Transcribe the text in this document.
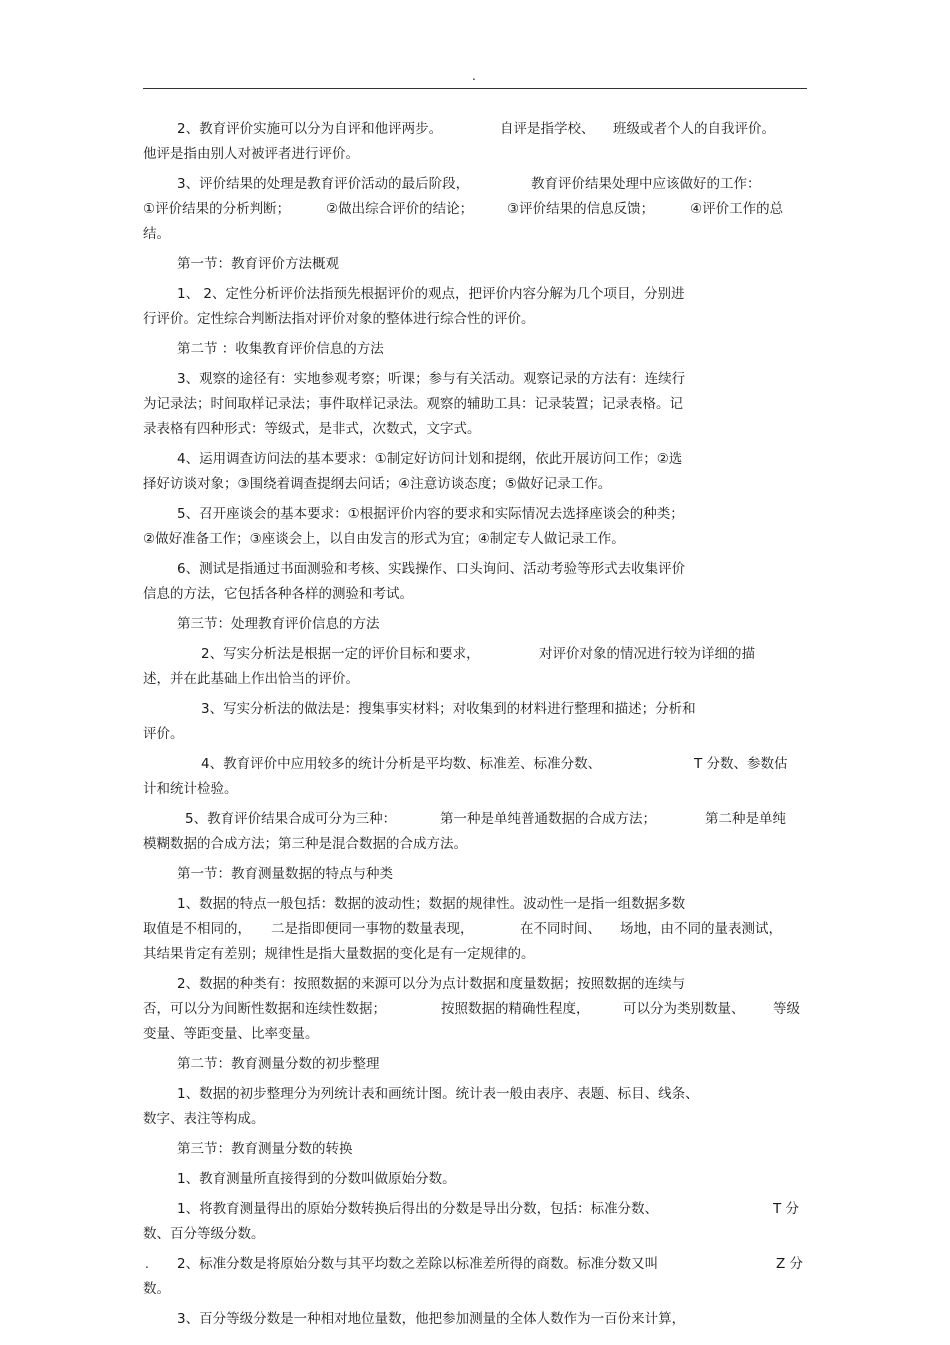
.
2、教育评价实施可以分为自评和他评两步。	自评是指学校、 班级或者个人的自我评价。
他评是指由别人对被评者进行评价。
3、评价结果的处理是教育评价活动的最后阶段，	教育评价结果处理中应该做好的工作：
①评价结果的分析判断；	②做出综合评价的结论；	③评价结果的信息反馈；	④评价工作的总
结。
第一节：教育评价方法概观
1、 2、定性分析评价法指预先根据评价的观点，把评价内容分解为几个项目，分别进
行评价。定性综合判断法指对评价对象的整体进行综合性的评价。
第二节 ：收集教育评价信息的方法
3、观察的途径有：实地参观考察；听课；参与有关活动。观察记录的方法有：连续行
为记录法；时间取样记录法；事件取样记录法。观察的辅助工具：记录装置；记录表格。记
录表格有四种形式：等级式，是非式，次数式，文字式。
4、运用调查访问法的基本要求：①制定好访问计划和提纲，依此开展访问工作；②选
择好访谈对象；③围绕着调查提纲去问话；④注意访谈态度；⑤做好记录工作。
5、召开座谈会的基本要求：①根据评价内容的要求和实际情况去选择座谈会的种类；
②做好准备工作；③座谈会上，以自由发言的形式为宜；④制定专人做记录工作。
6、测试是指通过书面测验和考核、实践操作、口头询问、活动考验等形式去收集评价
信息的方法，它包括各种各样的测验和考试。
第三节：处理教育评价信息的方法
2、写实分析法是根据一定的评价目标和要求，	对评价对象的情况进行较为详细的描
述，并在此基础上作出恰当的评价。
3、写实分析法的做法是：搜集事实材料；对收集到的材料进行整理和描述；分析和
评价。
4、教育评价中应用较多的统计分析是平均数、标准差、标准分数、	T 分数、参数估
计和统计检验。
5、教育评价结果合成可分为三种：	第一种是单纯普通数据的合成方法；	第二种是单纯
模糊数据的合成方法；第三种是混合数据的合成方法。
第一节：教育测量数据的特点与种类
1、数据的特点一般包括：数据的波动性；数据的规律性。波动性一是指一组数据多数
取值是不相同的， 二是指即便同一事物的数量表现，	在不同时间、 场地，由不同的量表测试，
其结果肯定有差别；规律性是指大量数据的变化是有一定规律的。
2、数据的种类有：按照数据的来源可以分为点计数据和度量数据；按照数据的连续与
否，可以分为间断性数据和连续性数据；	按照数据的精确性程度， 可以分为类别数量、 等级
变量、等距变量、比率变量。
第二节：教育测量分数的初步整理
1、数据的初步整理分为列统计表和画统计图。统计表一般由表序、表题、标目、线条、
数字、表注等构成。
第三节：教育测量分数的转换
1、教育测量所直接得到的分数叫做原始分数。
1、将教育测量得出的原始分数转换后得出的分数是导出分数，包括：标准分数、	T 分
数、百分等级分数。
2、标准分数是将原始分数与其平均数之差除以标准差所得的商数。标准分数又叫	Z 分
数。
3、百分等级分数是一种相对地位量数，他把参加测量的全体人数作为一百份来计算，
.
